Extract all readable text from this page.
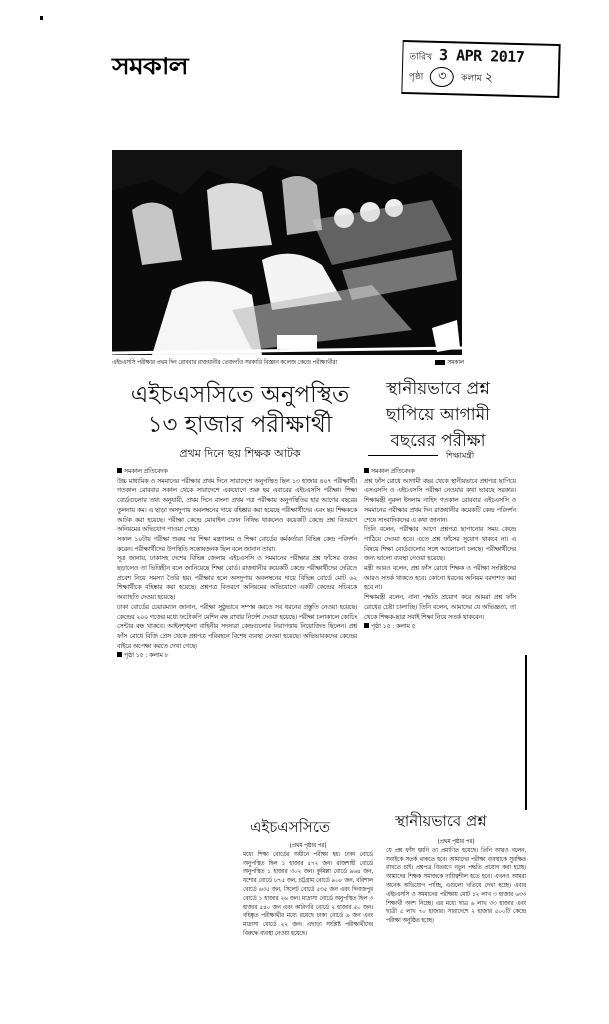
সমকাল	তারিখ 3 APR 2017
পৃষ্ঠা ৩ কলাম ২
এইচএসসি পরীক্ষার প্রথম দিন রোববার রাজধানীর তেজগাঁও সরকারি বিজ্ঞান কলেজ কেন্দ্রে পরীক্ষার্থীরা	সমকাল
এইচএসসিতে অনুপস্থিত
১৩ হাজার পরীক্ষার্থী
প্রথম দিনে ছয় শিক্ষক আটক

সমকাল প্রতিবেদক

উচ্চ মাধ্যমিক ও সমমানের পরীক্ষার প্রথম দিনে সারাদেশে অনুপস্থিত ছিল ১৩ হাজার ৪০৭ পরীক্ষার্থী। গতকাল রোববার সকাল থেকে সারাদেশে একযোগে শুরু হয় এবারের এইচএসসি পরীক্ষা। শিক্ষা বোর্ডগুলোর তথ্য অনুযায়ী, প্রথম দিনে বাংলা প্রথম পত্র পরীক্ষায় অনুপস্থিতির হার আগের বছরের তুলনায় কম। এ ছাড়া অসদুপায় অবলম্বনের দায়ে বহিষ্কার করা হয়েছে পরীক্ষার্থীদের এবং ছয় শিক্ষককে আটক করা হয়েছে। পরীক্ষা কেন্দ্রে মোবাইল ফোন নিষিদ্ধ থাকলেও কয়েকটি কেন্দ্রে প্রশ্ন বিতরণে অনিয়মের অভিযোগ পাওয়া গেছে।

সকাল ১০টায় পরীক্ষা শুরুর পর শিক্ষা মন্ত্রণালয় ও শিক্ষা বোর্ডের কর্মকর্তারা বিভিন্ন কেন্দ্র পরিদর্শন করেন। পরীক্ষার্থীদের উপস্থিতি সন্তোষজনক ছিল বলে জানান তারা।

সূত্র জানায়, ঢাকাসহ দেশের বিভিন্ন জেলায় এইচএসসি ও সমমানের পরীক্ষার প্রশ্ন ফাঁসের গুজব ছড়ালেও তা ভিত্তিহীন বলে জানিয়েছে শিক্ষা বোর্ড। রাজধানীর কয়েকটি কেন্দ্রে পরীক্ষার্থীদের দেরিতে প্রবেশ নিয়ে সমস্যা তৈরি হয়। পরীক্ষার হলে অসদুপায় অবলম্বনের দায়ে বিভিন্ন বোর্ডে মোট ৬২ শিক্ষার্থীকে বহিষ্কার করা হয়েছে। প্রশ্নপত্র বিতরণে অনিয়মের অভিযোগে একটি কেন্দ্রের সচিবকে অব্যাহতি দেওয়া হয়েছে।

ঢাকা বোর্ডের চেয়ারম্যান জানান, পরীক্ষা সুষ্ঠুভাবে সম্পন্ন করতে সব ধরনের প্রস্তুতি নেওয়া হয়েছে। কেন্দ্রের ২০০ গজের মধ্যে ফটোকপি মেশিন বন্ধ রাখার নির্দেশ দেওয়া হয়েছে। পরীক্ষা চলাকালে কোচিং সেন্টার বন্ধ থাকবে। আইনশৃঙ্খলা বাহিনীর সদস্যরা কেন্দ্রগুলোর নিরাপত্তায় নিয়োজিত ছিলেন। প্রশ্ন ফাঁস রোধে বিজি প্রেস থেকে প্রশ্নপত্র পরিবহনে বিশেষ ব্যবস্থা নেওয়া হয়েছে। অভিভাবকদের কেন্দ্রের বাইরে অপেক্ষা করতে দেখা গেছে।

পৃষ্ঠা ১৫ : কলাম ৮

স্থানীয়ভাবে প্রশ্ন
ছাপিয়ে আগামী
বছরের পরীক্ষা
শিক্ষামন্ত্রী

সমকাল প্রতিবেদক

প্রশ্ন ফাঁস রোধে আগামী বছর থেকে স্থানীয়ভাবে প্রশ্নপত্র ছাপিয়ে এসএসসি ও এইচএসসি পরীক্ষা নেওয়ার কথা ভাবছে সরকার। শিক্ষামন্ত্রী নুরুল ইসলাম নাহিদ গতকাল রোববার এইচএসসি ও সমমানের পরীক্ষার প্রথম দিন রাজধানীর কয়েকটি কেন্দ্র পরিদর্শন শেষে সাংবাদিকদের এ কথা জানান।

তিনি বলেন, পরীক্ষার আগে প্রশ্নপত্র ছাপানোর সময় কেন্দ্রে পাঠিয়ে দেওয়া হবে। এতে প্রশ্ন ফাঁসের সুযোগ থাকবে না। এ বিষয়ে শিক্ষা বোর্ডগুলোর সঙ্গে আলোচনা চলছে। পরীক্ষার্থীদের জন্য ভালো ব্যবস্থা নেওয়া হয়েছে।

মন্ত্রী আরও বলেন, প্রশ্ন ফাঁস রোধে শিক্ষক ও পরীক্ষা সংশ্লিষ্টদের আরও সতর্ক থাকতে হবে। কোনো ধরনের অনিয়ম বরদাশত করা হবে না।

শিক্ষামন্ত্রী বলেন, নানা পদ্ধতি প্রয়োগ করে আমরা প্রশ্ন ফাঁস রোধের চেষ্টা চালাচ্ছি। তিনি বলেন, আমাদের যে অভিজ্ঞতা, তা থেকে শিক্ষক-ছাত্র সবাই শিক্ষা নিয়ে সতর্ক থাকবেন।

পৃষ্ঠা ১৫ : কলাম ৫

এইচএসসিতে
(প্রথম পৃষ্ঠার পর)

মধ্যে শিক্ষা বোর্ডের অধীনে পরীক্ষা হয়। ঢাকা বোর্ডে অনুপস্থিত ছিল ১ হাজার ৫৭২ জন। রাজশাহী বোর্ডে অনুপস্থিত ১ হাজার ৩০২ জন। কুমিল্লা বোর্ডে ৯৬৪ জন, যশোর বোর্ডে ৮৭৫ জন, চট্টগ্রাম বোর্ডে ৯০৮ জন, বরিশাল বোর্ডে ৬৩৫ জন, সিলেট বোর্ডে ৫৩৫ জন এবং দিনাজপুর বোর্ডে ১ হাজার ২৬ জন। মাদ্রাসা বোর্ডে অনুপস্থিত ছিল ৩ হাজার ৫৪০ জন এবং কারিগরি বোর্ডে ২ হাজার ৫০ জন। বহিষ্কৃত পরীক্ষার্থীর মধ্যে রয়েছে ঢাকা বোর্ডে ৯ জন এবং মাদ্রাসা বোর্ডে ২২ জন। এছাড়া সংশ্লিষ্ট পরীক্ষার্থীদের বিরুদ্ধে ব্যবস্থা নেওয়া হয়েছে।

স্থানীয়ভাবে প্রশ্ন
(প্রথম পৃষ্ঠার পর)

যে প্রশ্ন ফাঁস হয়নি তা প্রমাণিত হয়েছে। তিনি আরও বলেন, সবাইকে সতর্ক থাকতে হবে। আমাদের পরীক্ষা ব্যবস্থাকে সুরক্ষিত রাখতে চাই। প্রশ্নপত্র বিতরণে নতুন পদ্ধতি প্রয়োগ করা হচ্ছে। আমাদের শিক্ষক সমাজকে দায়িত্বশীল হতে হবে। এখনও আমরা অনেক অভিযোগ পাচ্ছি, এগুলো খতিয়ে দেখা হচ্ছে। এবার এইচএসসি ও সমমানের পরীক্ষায় মোট ১২ লাখ ৩ হাজার ৬৩৩ শিক্ষার্থী অংশ নিচ্ছে। এর মধ্যে ছাত্র ৬ লাখ ৩৩ হাজার এবং ছাত্রী ৫ লাখ ৭০ হাজার। সারাদেশে ২ হাজার ৫০০টি কেন্দ্রে পরীক্ষা অনুষ্ঠিত হচ্ছে।
